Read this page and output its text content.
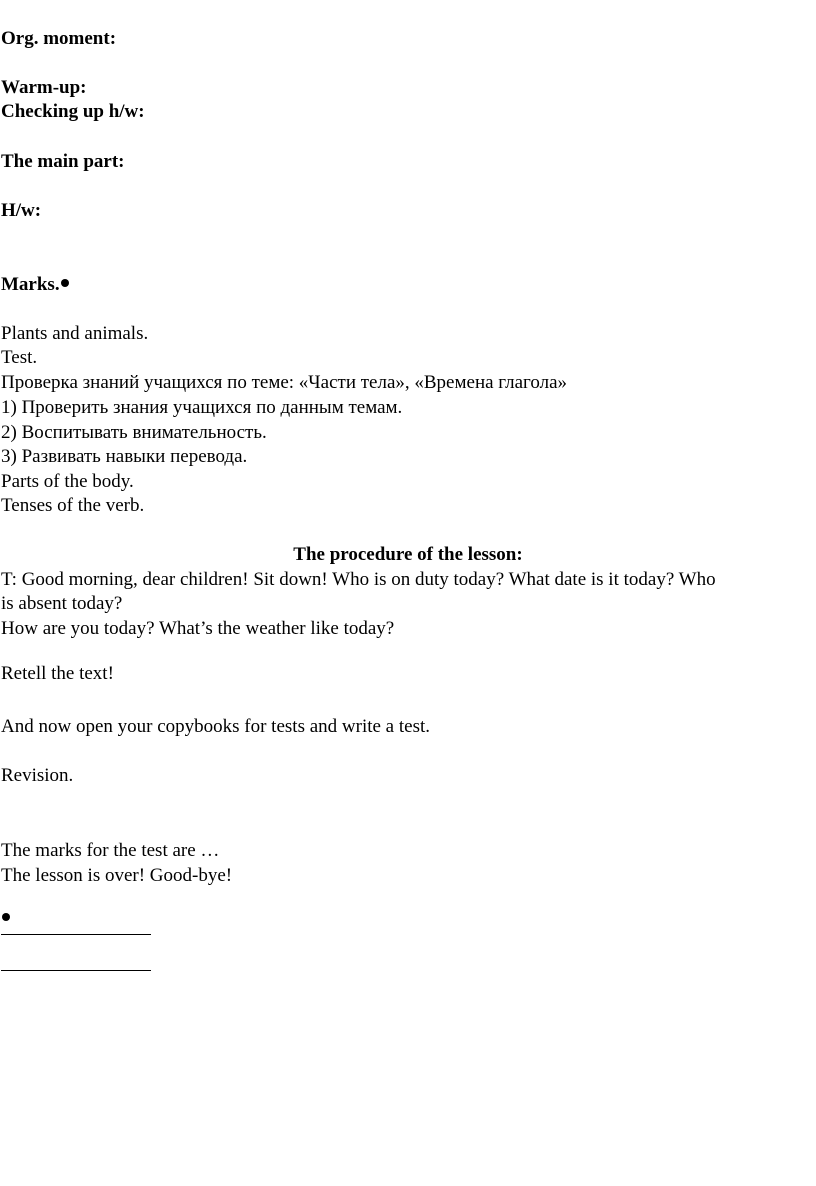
Org. moment:
Warm-up:
Checking up h/w:
The main part:
H/w:
Marks.
Plants and animals.
Test.
Проверка знаний учащихся по теме: «Части тела», «Времена глагола»
1) Проверить знания учащихся по данным темам.
2) Воспитывать внимательность.
3) Развивать навыки перевода.
Parts of the body.
Tenses of the verb.
The procedure of the lesson:
T: Good morning, dear children! Sit down! Who is on duty today? What date is it today? Who
is absent today?
How are you today? What’s the weather like today?
Retell the text!
And now open your copybooks for tests and write a test.
Revision.
The marks for the test are …
The lesson is over! Good-bye!
